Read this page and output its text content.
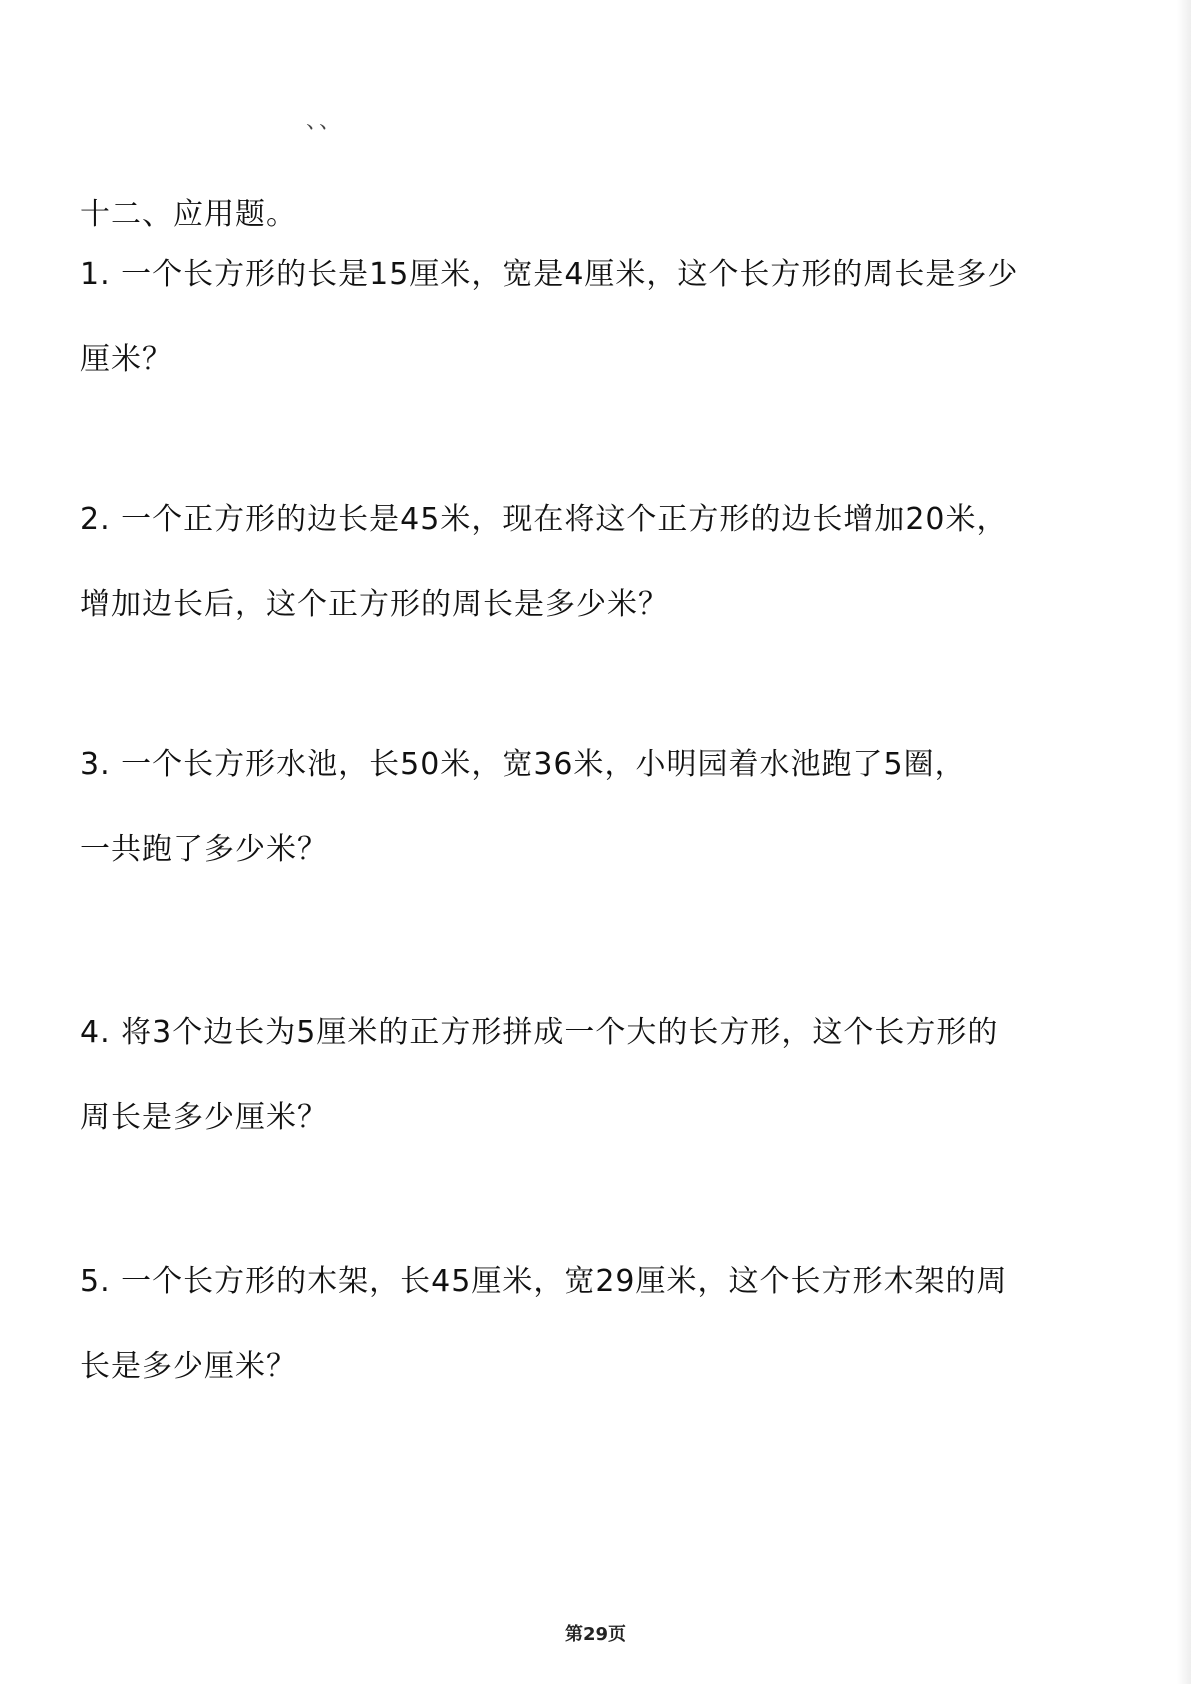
、、
十二、应用题。
1. 一个长方形的长是15厘米，宽是4厘米，这个长方形的周长是多少
厘米？
2. 一个正方形的边长是45米，现在将这个正方形的边长增加20米，
增加边长后，这个正方形的周长是多少米？
3. 一个长方形水池，长50米，宽36米，小明园着水池跑了5圈，
一共跑了多少米？
4. 将3个边长为5厘米的正方形拼成一个大的长方形，这个长方形的
周长是多少厘米？
5. 一个长方形的木架，长45厘米，宽29厘米，这个长方形木架的周
长是多少厘米？
第29页
